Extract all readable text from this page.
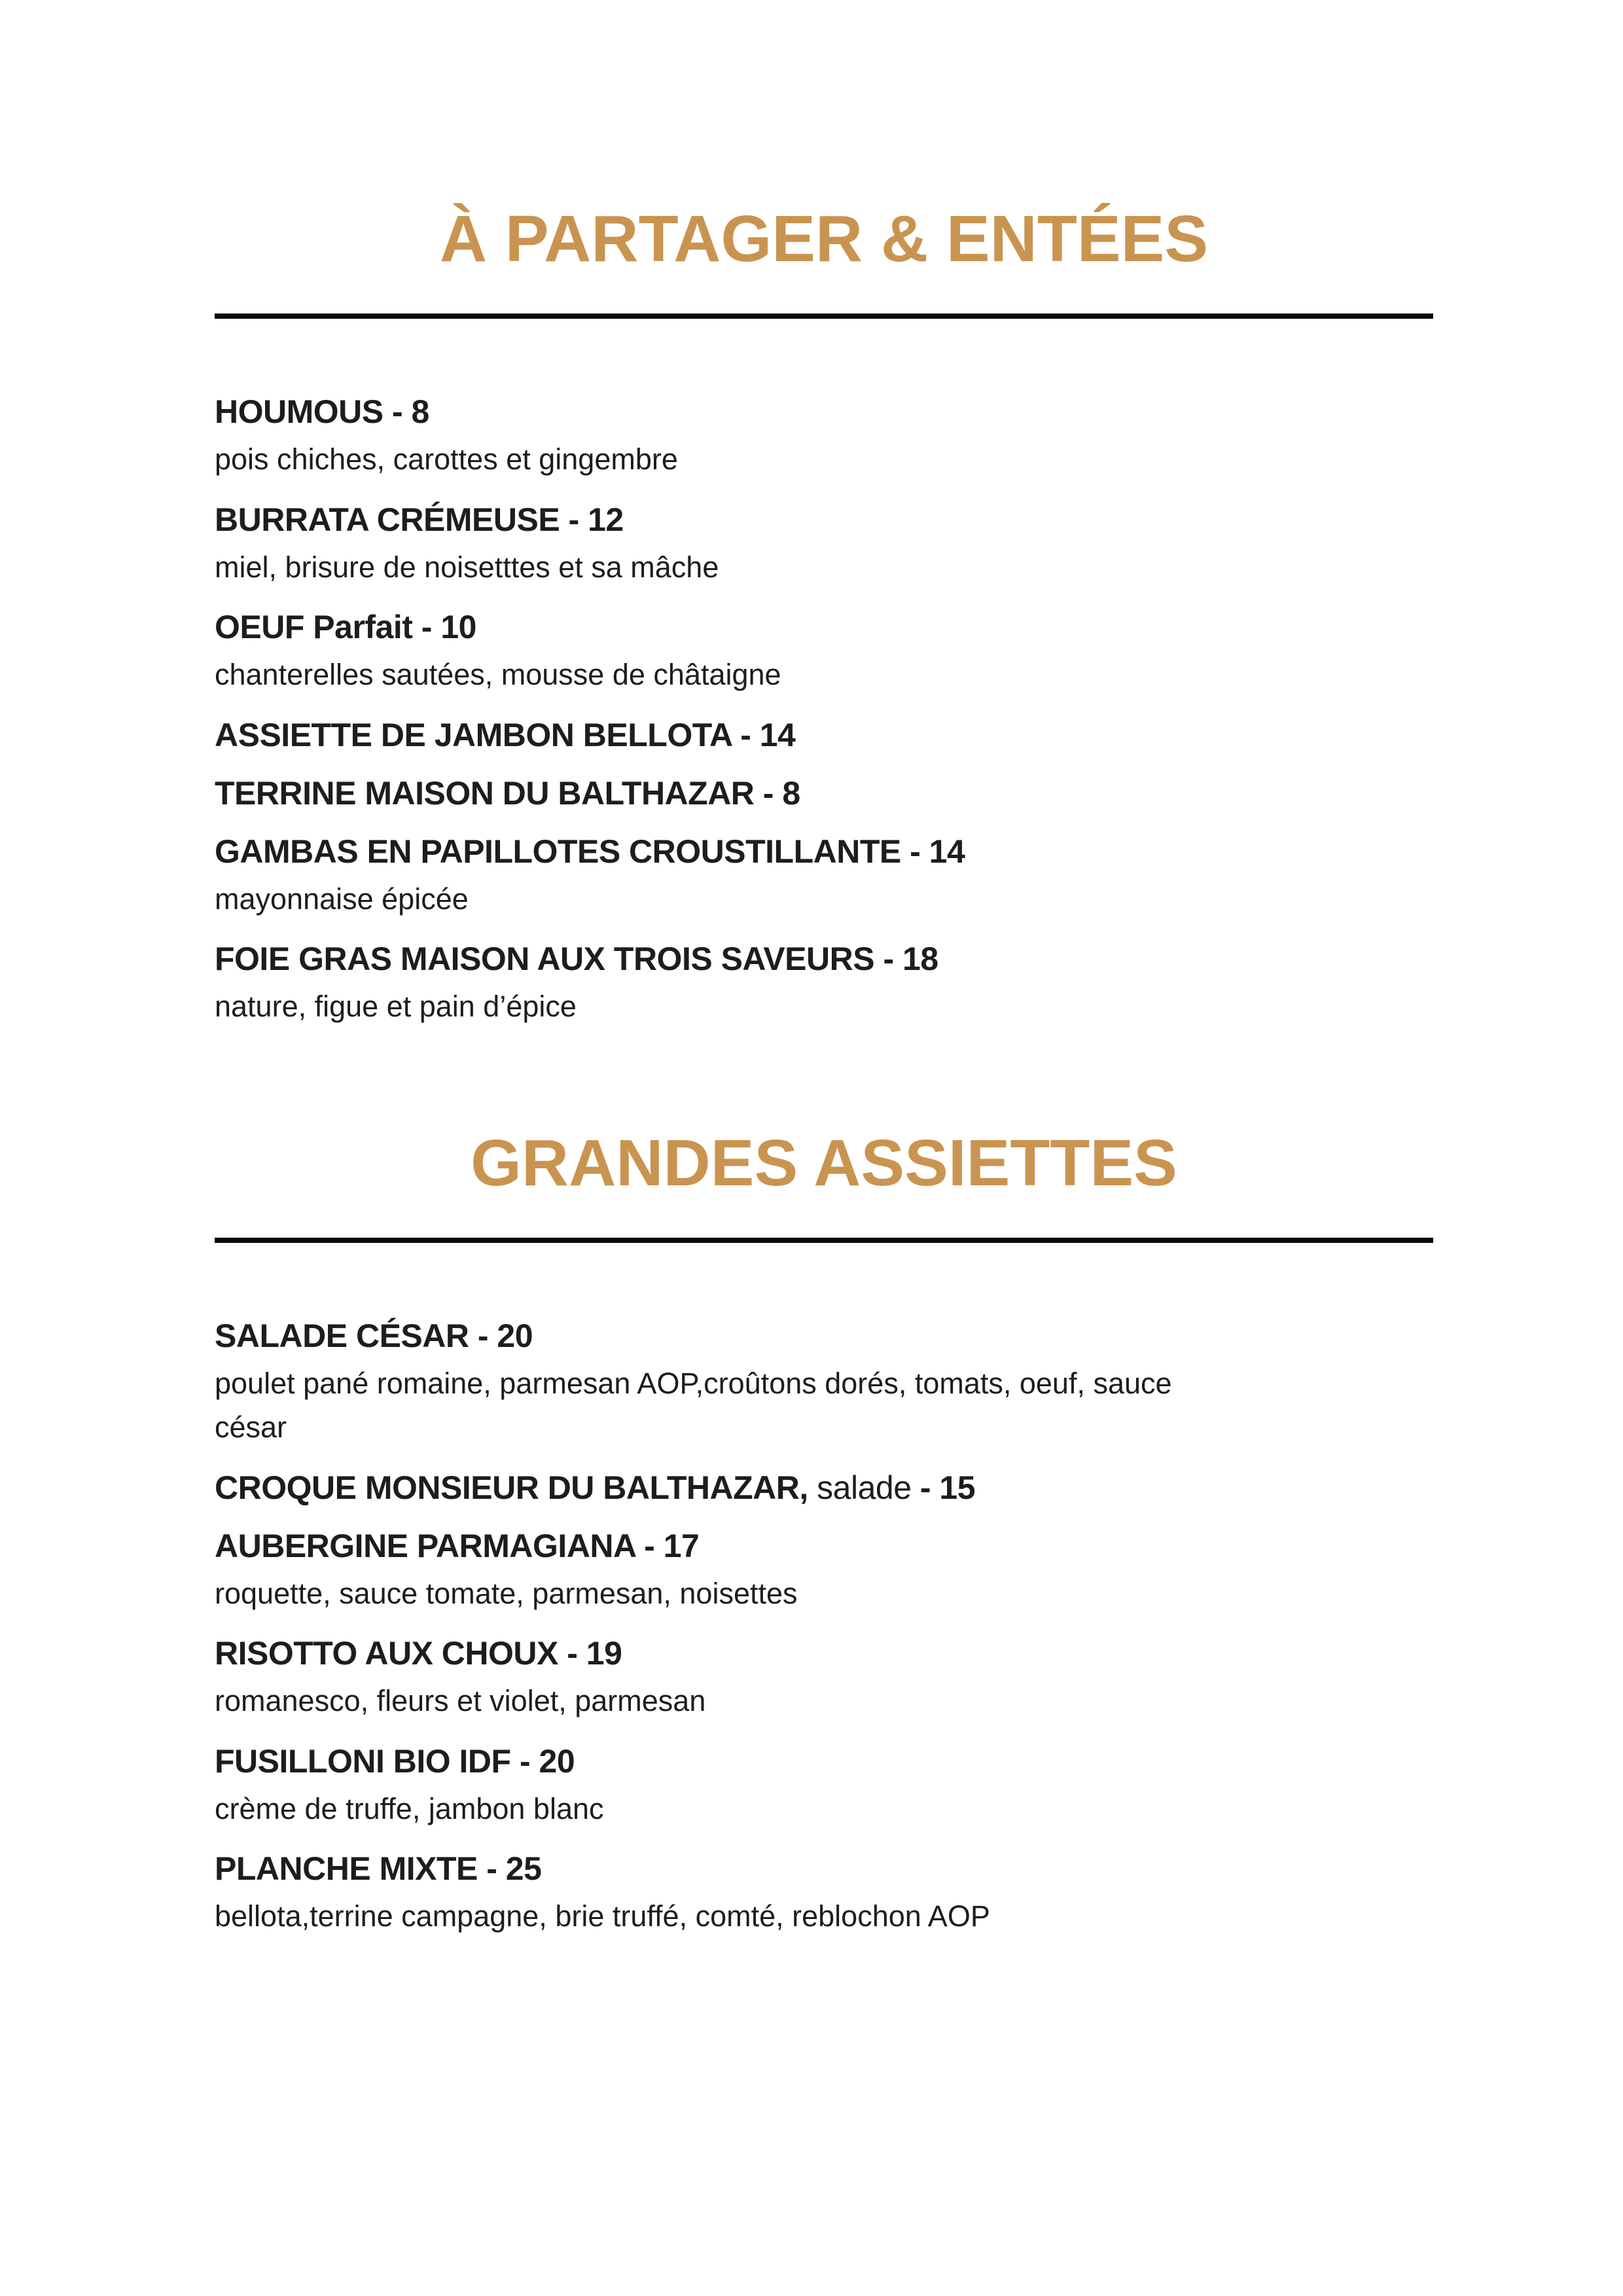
À PARTAGER & ENTÉES
HOUMOUS - 8
pois chiches, carottes et gingembre
BURRATA CRÉMEUSE - 12
miel, brisure de noisetttes et sa mâche
OEUF Parfait - 10
chanterelles sautées, mousse de châtaigne
ASSIETTE DE JAMBON BELLOTA - 14
TERRINE MAISON DU BALTHAZAR - 8
GAMBAS EN PAPILLOTES CROUSTILLANTE - 14
mayonnaise épicée
FOIE GRAS MAISON AUX TROIS SAVEURS - 18
nature, figue et pain d’épice
GRANDES ASSIETTES
SALADE CÉSAR - 20
poulet pané romaine, parmesan AOP,croûtons dorés, tomats, oeuf, sauce césar
CROQUE MONSIEUR DU BALTHAZAR, salade - 15
AUBERGINE PARMAGIANA - 17
roquette, sauce tomate, parmesan, noisettes
RISOTTO AUX CHOUX - 19
romanesco, fleurs et violet, parmesan
FUSILLONI BIO IDF - 20
crème de truffe, jambon blanc
PLANCHE MIXTE - 25
bellota,terrine campagne, brie truffé, comté, reblochon AOP
